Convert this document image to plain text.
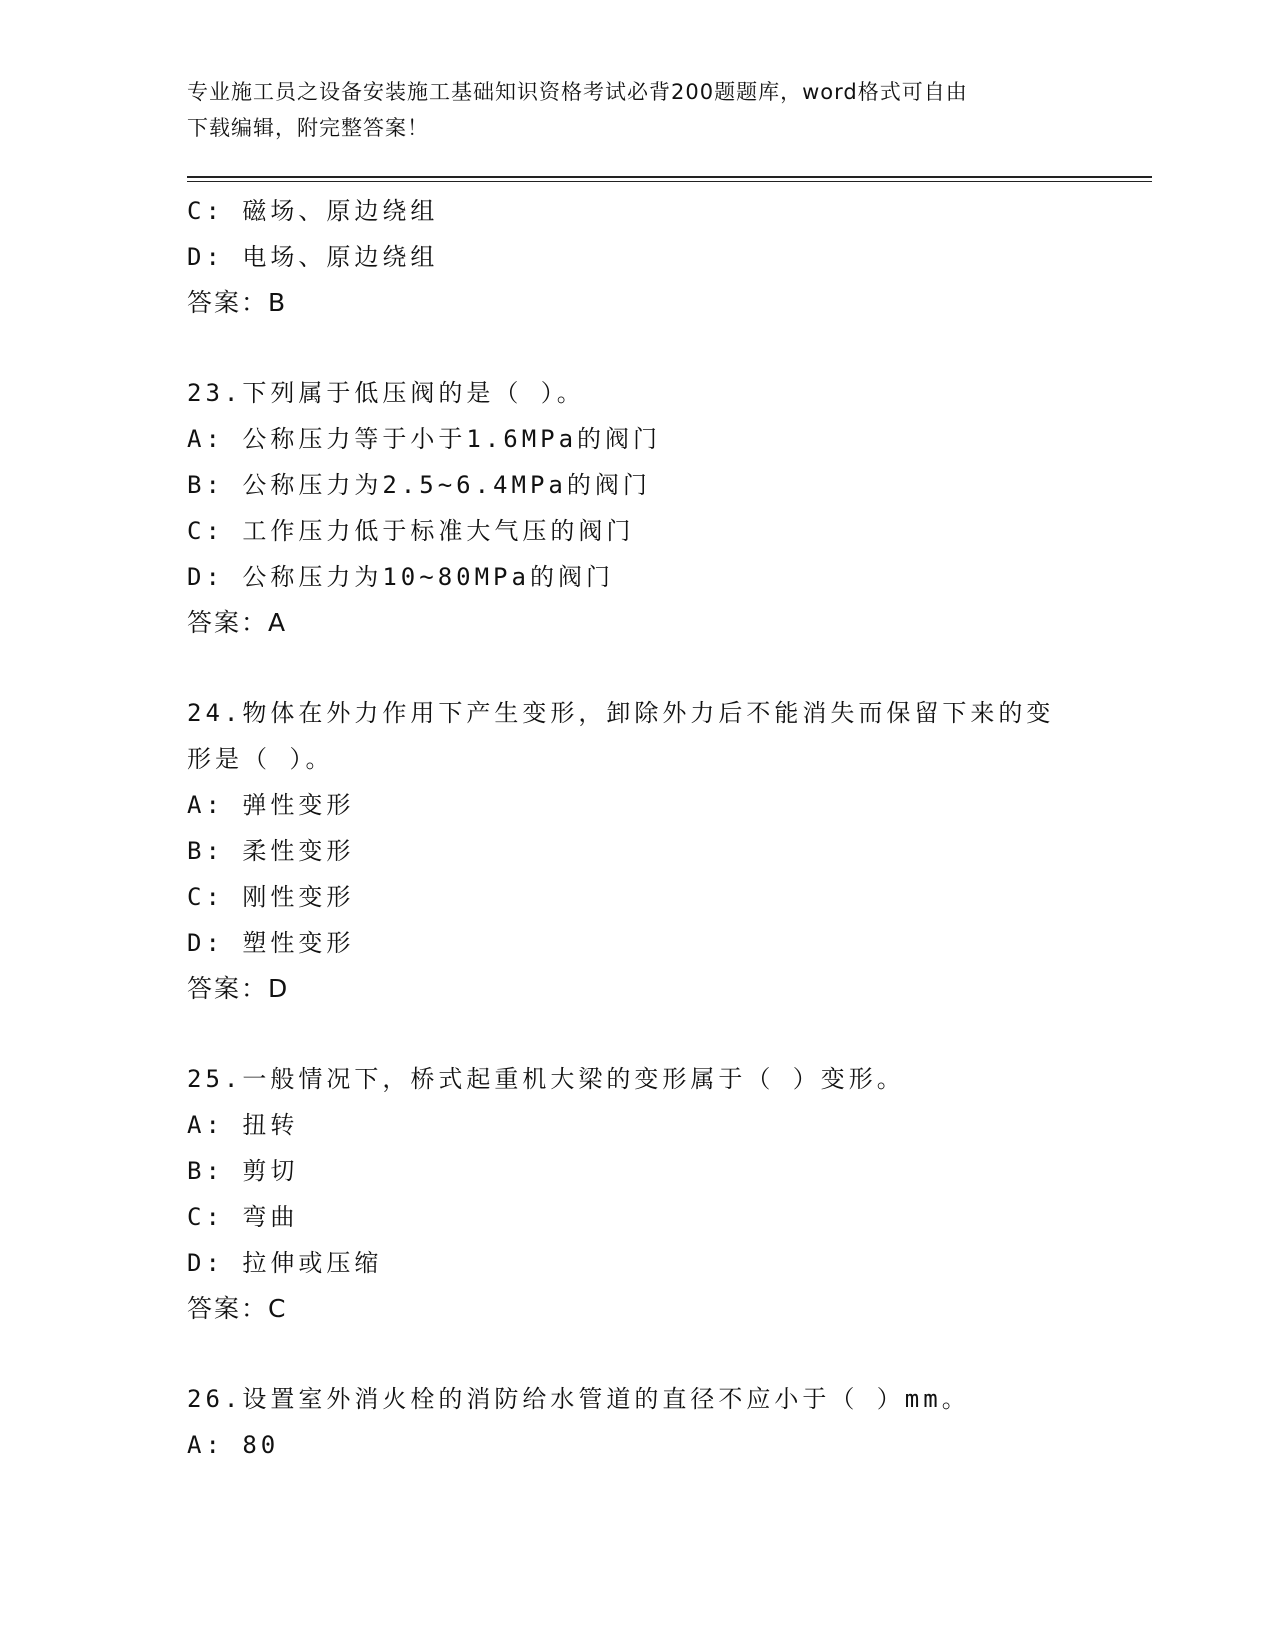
专业施工员之设备安装施工基础知识资格考试必背200题题库，word格式可自由
下载编辑，附完整答案！
C: 磁场、原边绕组
D: 电场、原边绕组
答案：B
23.下列属于低压阀的是（ ）。
A: 公称压力等于小于1.6MPa的阀门
B: 公称压力为2.5~6.4MPa的阀门
C: 工作压力低于标准大气压的阀门
D: 公称压力为10~80MPa的阀门
答案：A
24.物体在外力作用下产生变形，卸除外力后不能消失而保留下来的变
形是（ ）。
A: 弹性变形
B: 柔性变形
C: 刚性变形
D: 塑性变形
答案：D
25.一般情况下，桥式起重机大梁的变形属于（ ）变形。
A: 扭转
B: 剪切
C: 弯曲
D: 拉伸或压缩
答案：C
26.设置室外消火栓的消防给水管道的直径不应小于（ ）mm。
A: 80
